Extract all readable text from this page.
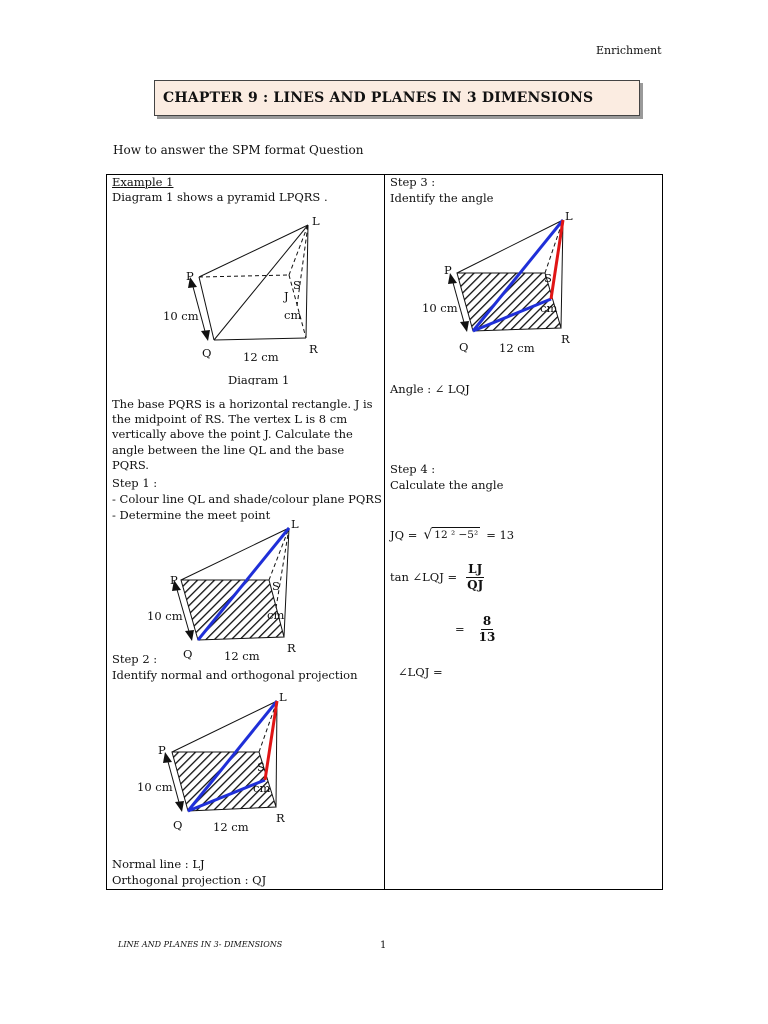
Enrichment
CHAPTER 9 : LINES AND PLANES IN 3 DIMENSIONS
How to answer the SPM format Question
Example 1
Diagram 1 shows a pyramid LPQRS .
L
P
S
J
cm
10 cm
Q	R
12 cm
Diagram 1
The base PQRS is a horizontal rectangle. J is the midpoint of RS. The vertex L is 8 cm vertically above the point J. Calculate the angle between the line QL and the base PQRS.
Step 1 :
- Colour line QL and shade/colour plane PQRS
- Determine the meet point
L
P	S
cm
10 cm
Q	R
12 cm
Step 2 :
Identify normal and orthogonal projection
L
P
S
cm
10 cm
Q	R
12 cm
Normal line : LJ
Orthogonal projection : QJ
Step 3 :
Identify the angle
L
P
S
cm
10 cm
Q
R
12 cm
Angle : ∠ LQJ
Step 4 :
Calculate the angle
JQ = √ 12 ² −5² = 13
tan ∠LQJ = $\frac{LJ}{QJ}$
= $\frac{8}{13}$
∠LQJ =
LINE AND PLANES IN 3- DIMENSIONS	1
